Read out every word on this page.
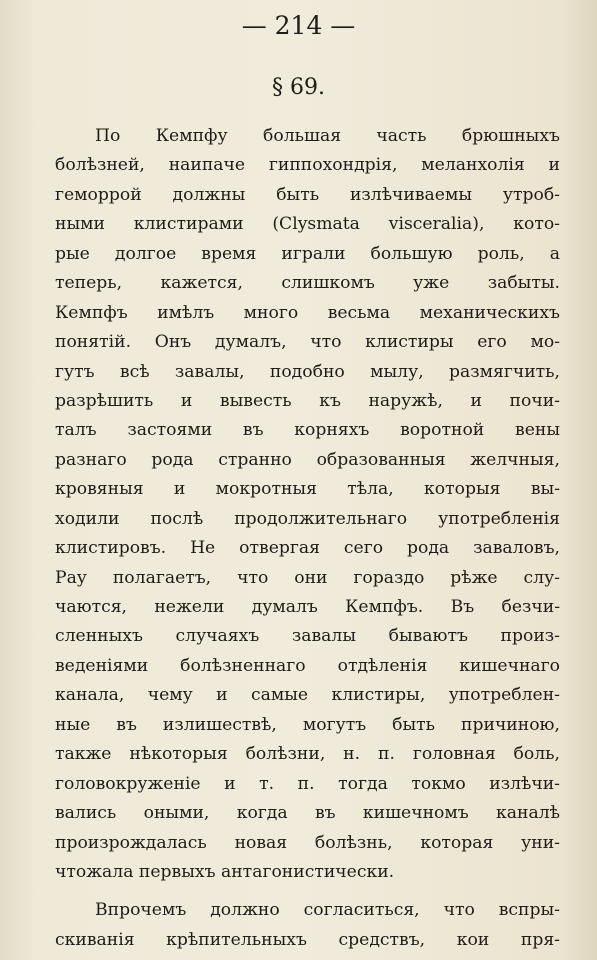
— 214 —
§ 69.
По Кемпфу большая часть брюшныхъ
болѣзней, наипаче гиппохондрія, меланхолія и
геморрой должны быть излѣчиваемы утроб-
ными клистирами (Clysmata visceralia), кото-
рые долгое время играли большую роль, а
теперь, кажется, слишкомъ уже забыты.
Кемпфъ имѣлъ много весьма механическихъ
понятій. Онъ думалъ, что клистиры его мо-
гутъ всѣ завалы, подобно мылу, размягчить,
разрѣшить и вывесть къ наружѣ, и почи-
талъ застоями въ корняхъ воротной вены
разнаго рода странно образованныя желчныя,
кровяныя и мокротныя тѣла, которыя вы-
ходили послѣ продолжительнаго употребленія
клистировъ. Не отвергая сего рода заваловъ,
Рау полагаетъ, что они гораздо рѣже слу-
чаются, нежели думалъ Кемпфъ. Въ безчи-
сленныхъ случаяхъ завалы бываютъ произ-
веденіями болѣзненнаго отдѣленія кишечнаго
канала, чему и самые клистиры, употреблен-
ные въ излишествѣ, могутъ быть причиною,
также нѣкоторыя болѣзни, н. п. головная боль,
головокруженіе и т. п. тогда токмо излѣчи-
вались оными, когда въ кишечномъ каналѣ
произрождалась новая болѣзнь, которая уни-
чтожала первыхъ антагонистически.
Впрочемъ должно согласиться, что вспры-
скиванія крѣпительныхъ средствъ, кои пря-
